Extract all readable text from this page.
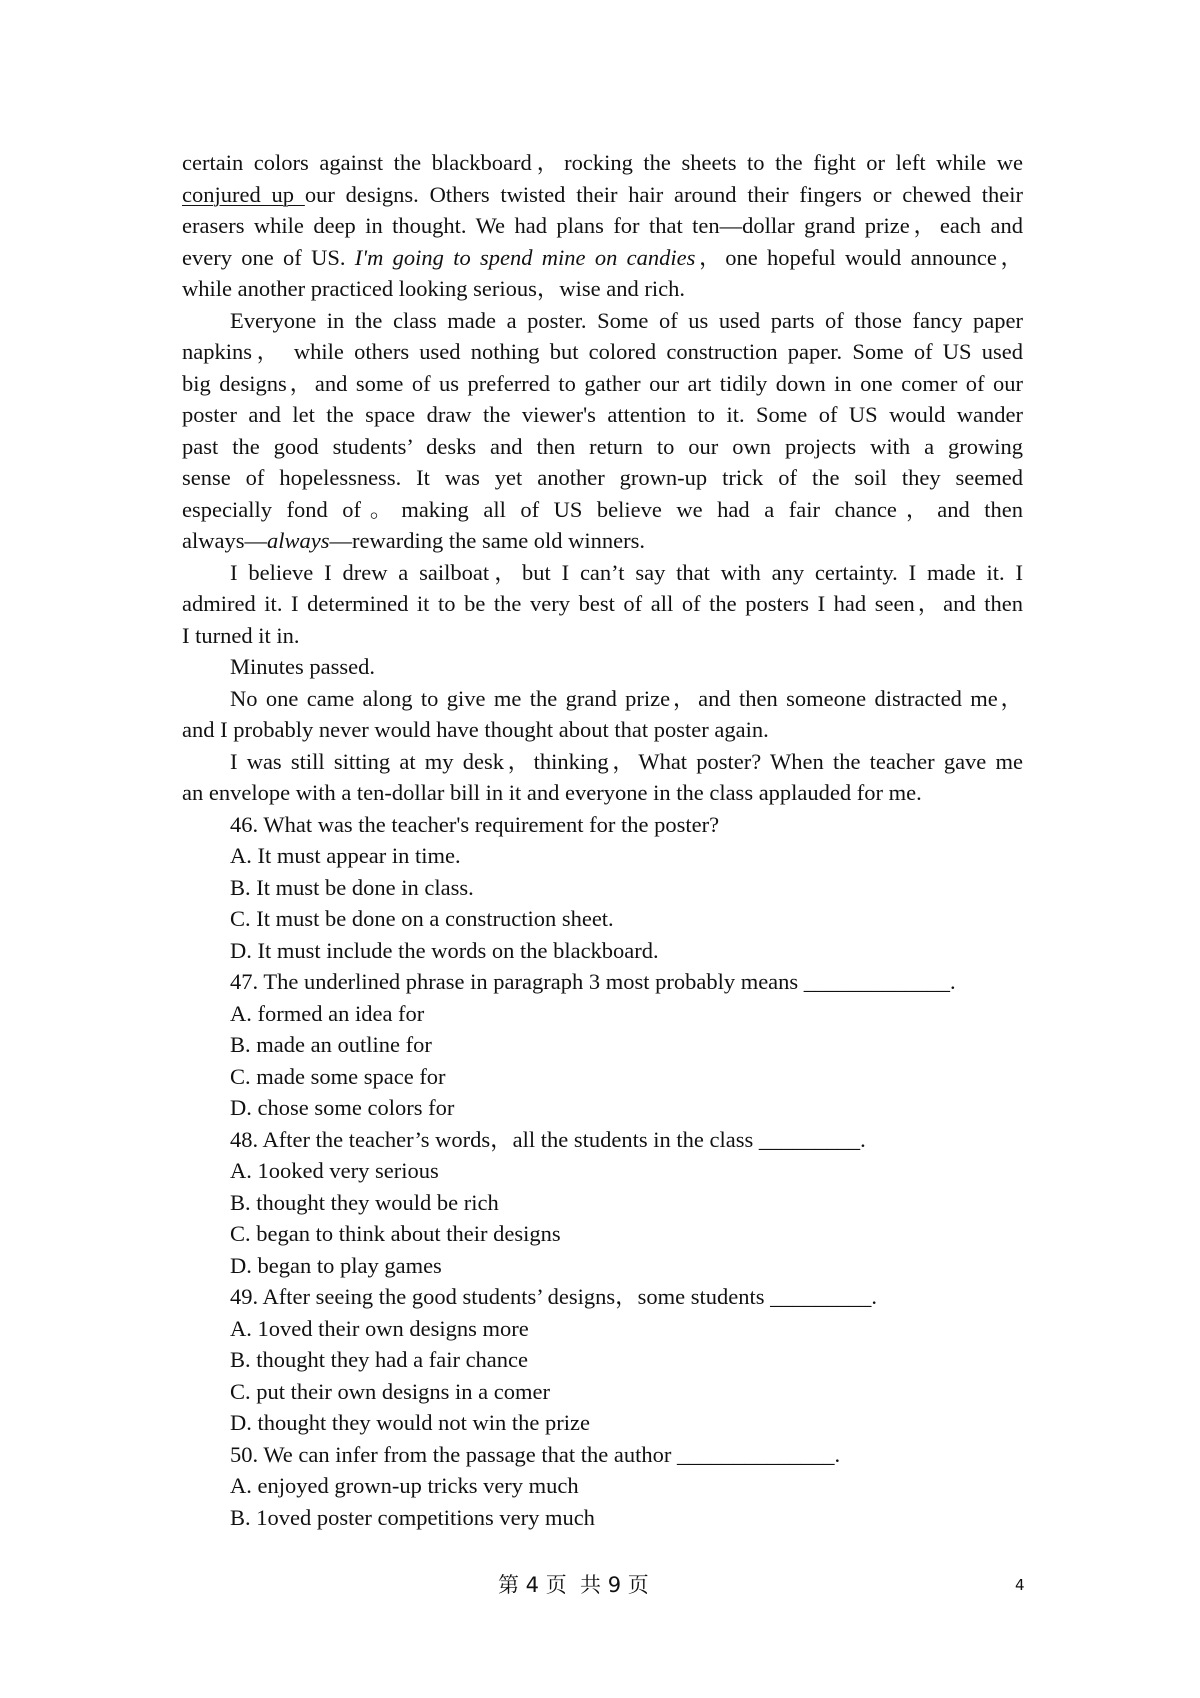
certain colors against the blackboard，rocking the sheets to the fight or left while we
conjured up our designs. Others twisted their hair around their fingers or chewed their
erasers while deep in thought. We had plans for that ten—dollar grand prize，each and
every one of US. I'm going to spend mine on candies，one hopeful would announce，
while another practiced looking serious，wise and rich.
Everyone in the class made a poster. Some of us used parts of those fancy paper
napkins， while others used nothing but colored construction paper. Some of US used
big designs，and some of us preferred to gather our art tidily down in one comer of our
poster and let the space draw the viewer's attention to it. Some of US would wander
past the good students’ desks and then return to our own projects with a growing
sense of hopelessness. It was yet another grown-up trick of the soil they seemed
especially fond of。making all of US believe we had a fair chance，and then
always—always—rewarding the same old winners.
I believe I drew a sailboat，but I can’t say that with any certainty. I made it. I
admired it. I determined it to be the very best of all of the posters I had seen，and then
I turned it in.
Minutes passed.
No one came along to give me the grand prize，and then someone distracted me，
and I probably never would have thought about that poster again.
I was still sitting at my desk，thinking，What poster? When the teacher gave me
an envelope with a ten-dollar bill in it and everyone in the class applauded for me.
46. What was the teacher's requirement for the poster?
A. It must appear in time.
B. It must be done in class.
C. It must be done on a construction sheet.
D. It must include the words on the blackboard.
47. The underlined phrase in paragraph 3 most probably means _____________.
A. formed an idea for
B. made an outline for
C. made some space for
D. chose some colors for
48. After the teacher’s words，all the students in the class _________.
A. 1ooked very serious
B. thought they would be rich
C. began to think about their designs
D. began to play games
49. After seeing the good students’ designs，some students _________.
A. 1oved their own designs more
B. thought they had a fair chance
C. put their own designs in a comer
D. thought they would not win the prize
50. We can infer from the passage that the author ______________.
A. enjoyed grown-up tricks very much
B. 1oved poster competitions very much
第 4 页  共 9 页	4
